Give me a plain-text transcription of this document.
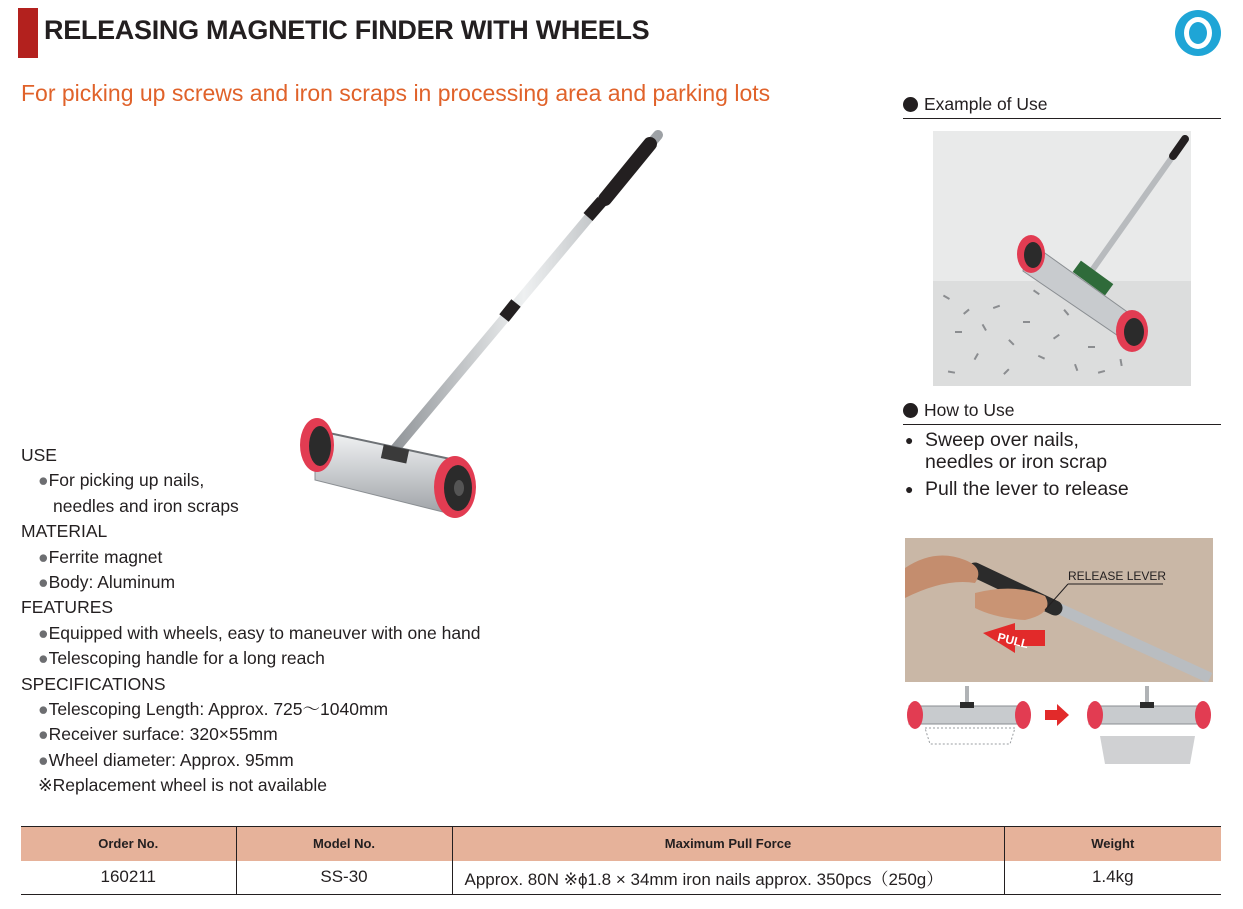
RELEASING MAGNETIC FINDER WITH WHEELS
For picking up screws and iron scraps in processing area and parking lots
USE
●For picking up nails,
needles and iron scraps
MATERIAL
●Ferrite magnet
●Body: Aluminum
FEATURES
●Equipped with wheels, easy to maneuver with one hand
●Telescoping handle for a long reach
SPECIFICATIONS
●Telescoping Length: Approx. 725～1040mm
●Receiver surface: 320×55mm
●Wheel diameter: Approx. 95mm
※Replacement wheel is not available
Example of Use
How to Use
● Sweep over nails,
needles or iron scrap
● Pull the lever to release
PULL
RELEASE LEVER
Order No.	Model No.	Maximum Pull Force	Weight
160211	SS-30	Approx. 80N ※ϕ1.8 × 34mm iron nails approx. 350pcs（250g）	1.4kg
